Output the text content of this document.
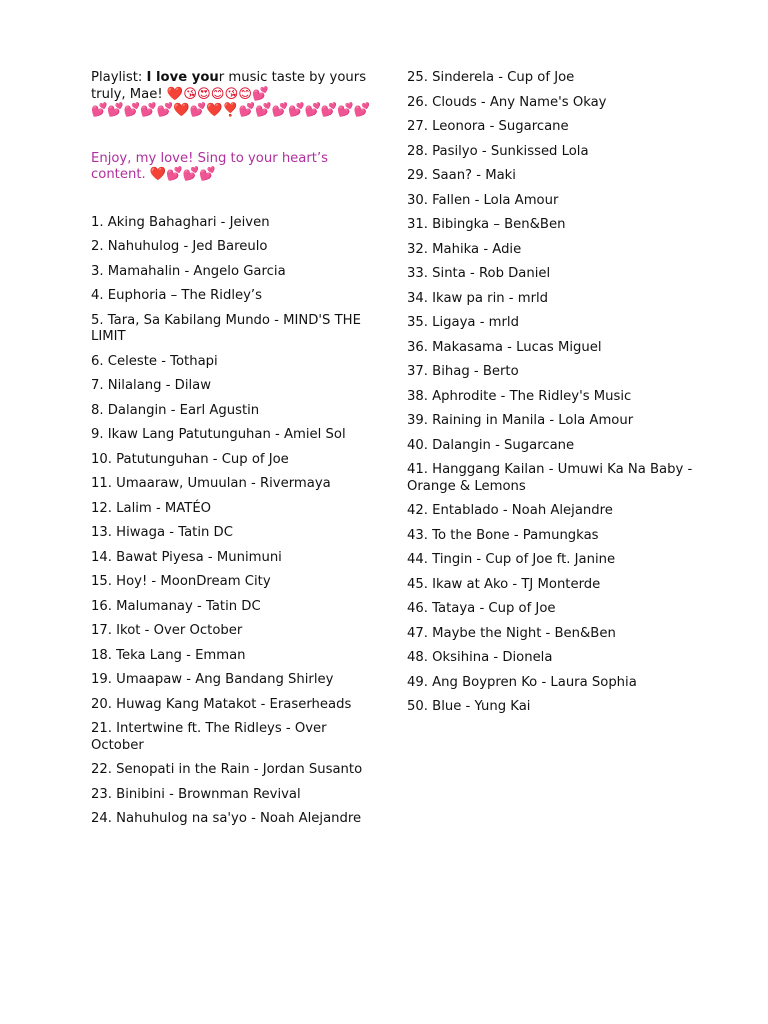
Playlist: I love your music taste by yours truly, Mae! ❤️😘😍😊😘😊💕
💕💕💕💕💕❤️💕❤️❣️💕💕💕💕💕💕💕💕

Enjoy, my love! Sing to your heart’s content. ❤️💕💕💕

1. Aking Bahaghari - Jeiven
2. Nahuhulog - Jed Bareulo
3. Mamahalin - Angelo Garcia
4. Euphoria – The Ridley’s
5. Tara, Sa Kabilang Mundo - MIND'S THE LIMIT
6. Celeste - Tothapi
7. Nilalang - Dilaw
8. Dalangin - Earl Agustin
9. Ikaw Lang Patutunguhan - Amiel Sol
10. Patutunguhan - Cup of Joe
11. Umaaraw, Umuulan - Rivermaya
12. Lalim - MATÉO
13. Hiwaga - Tatin DC
14. Bawat Piyesa - Munimuni
15. Hoy! - MoonDream City
16. Malumanay - Tatin DC
17. Ikot - Over October
18. Teka Lang - Emman
19. Umaapaw - Ang Bandang Shirley
20. Huwag Kang Matakot - Eraserheads
21. Intertwine ft. The Ridleys - Over October
22. Senopati in the Rain - Jordan Susanto
23. Binibini - Brownman Revival
24. Nahuhulog na sa'yo - Noah Alejandre
25. Sinderela - Cup of Joe
26. Clouds - Any Name's Okay
27. Leonora - Sugarcane
28. Pasilyo - Sunkissed Lola
29. Saan? - Maki
30. Fallen - Lola Amour
31. Bibingka – Ben&Ben
32. Mahika - Adie
33. Sinta - Rob Daniel
34. Ikaw pa rin - mrld
35. Ligaya - mrld
36. Makasama - Lucas Miguel
37. Bihag - Berto
38. Aphrodite - The Ridley's Music
39. Raining in Manila - Lola Amour
40. Dalangin - Sugarcane
41. Hanggang Kailan - Umuwi Ka Na Baby - Orange & Lemons
42. Entablado - Noah Alejandre
43. To the Bone - Pamungkas
44. Tingin - Cup of Joe ft. Janine
45. Ikaw at Ako - TJ Monterde
46. Tataya - Cup of Joe
47. Maybe the Night - Ben&Ben
48. Oksihina - Dionela
49. Ang Boypren Ko - Laura Sophia
50. Blue - Yung Kai
